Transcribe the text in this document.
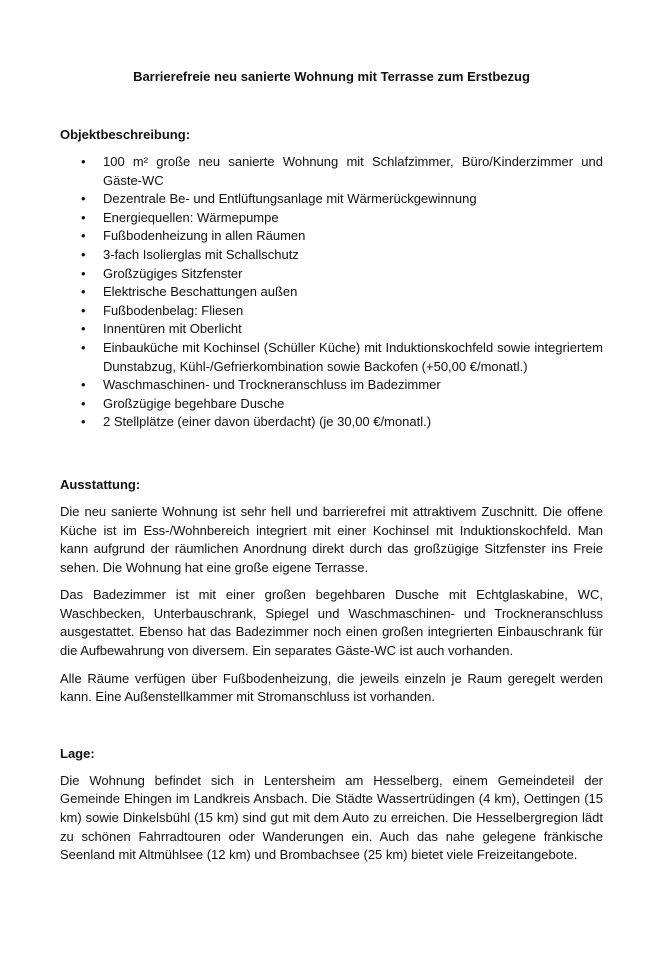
Barrierefreie neu sanierte Wohnung mit Terrasse zum Erstbezug
Objektbeschreibung:
• 100 m² große neu sanierte Wohnung mit Schlafzimmer, Büro/Kinderzimmer und Gäste-WC
• Dezentrale Be- und Entlüftungsanlage mit Wärmerückgewinnung
• Energiequellen: Wärmepumpe
• Fußbodenheizung in allen Räumen
• 3-fach Isolierglas mit Schallschutz
• Großzügiges Sitzfenster
• Elektrische Beschattungen außen
• Fußbodenbelag: Fliesen
• Innentüren mit Oberlicht
• Einbauküche mit Kochinsel (Schüller Küche) mit Induktionskochfeld sowie integriertem Dunstabzug, Kühl-/Gefrierkombination sowie Backofen (+50,00 €/monatl.)
• Waschmaschinen- und Trockneranschluss im Badezimmer
• Großzügige begehbare Dusche
• 2 Stellplätze (einer davon überdacht) (je 30,00 €/monatl.)
Ausstattung:

Die neu sanierte Wohnung ist sehr hell und barrierefrei mit attraktivem Zuschnitt. Die offene Küche ist im Ess-/Wohnbereich integriert mit einer Kochinsel mit Induktionskochfeld. Man kann aufgrund der räumlichen Anordnung direkt durch das großzügige Sitzfenster ins Freie sehen. Die Wohnung hat eine große eigene Terrasse.

Das Badezimmer ist mit einer großen begehbaren Dusche mit Echtglaskabine, WC, Waschbecken, Unterbauschrank, Spiegel und Waschmaschinen- und Trockneranschluss ausgestattet. Ebenso hat das Badezimmer noch einen großen integrierten Einbauschrank für die Aufbewahrung von diversem. Ein separates Gäste-WC ist auch vorhanden.

Alle Räume verfügen über Fußbodenheizung, die jeweils einzeln je Raum geregelt werden kann. Eine Außenstellkammer mit Stromanschluss ist vorhanden.

Lage:

Die Wohnung befindet sich in Lentersheim am Hesselberg, einem Gemeindeteil der Gemeinde Ehingen im Landkreis Ansbach. Die Städte Wassertrüdingen (4 km), Oettingen (15 km) sowie Dinkelsbühl (15 km) sind gut mit dem Auto zu erreichen. Die Hesselbergregion lädt zu schönen Fahrradtouren oder Wanderungen ein. Auch das nahe gelegene fränkische Seenland mit Altmühlsee (12 km) und Brombachsee (25 km) bietet viele Freizeitangebote.
